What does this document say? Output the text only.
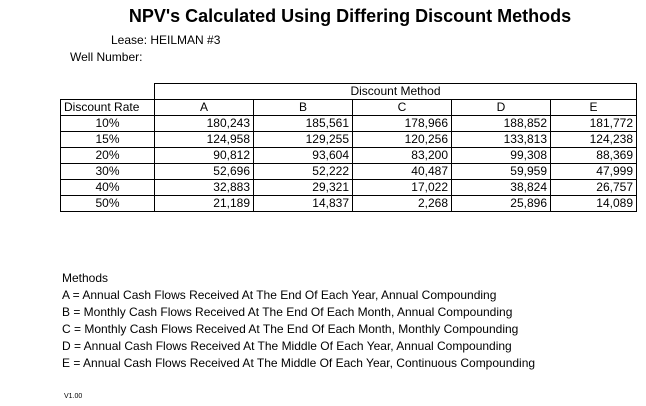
NPV's Calculated Using Differing Discount Methods
Lease: HEILMAN #3
Well Number:
	Discount Method				
Discount Rate	A	B	C	D	E
10%	180,243	185,561	178,966	188,852	181,772
15%	124,958	129,255	120,256	133,813	124,238
20%	90,812	93,604	83,200	99,308	88,369
30%	52,696	52,222	40,487	59,959	47,999
40%	32,883	29,321	17,022	38,824	26,757
50%	21,189	14,837	2,268	25,896	14,089
Methods
A = Annual Cash Flows Received At The End Of Each Year, Annual Compounding
B = Monthly Cash Flows Received At The End Of Each Month, Annual Compounding
C = Monthly Cash Flows Received At The End Of Each Month, Monthly Compounding
D = Annual Cash Flows Received At The Middle Of Each Year, Annual Compounding
E = Annual Cash Flows Received At The Middle Of Each Year, Continuous Compounding
V1.00
